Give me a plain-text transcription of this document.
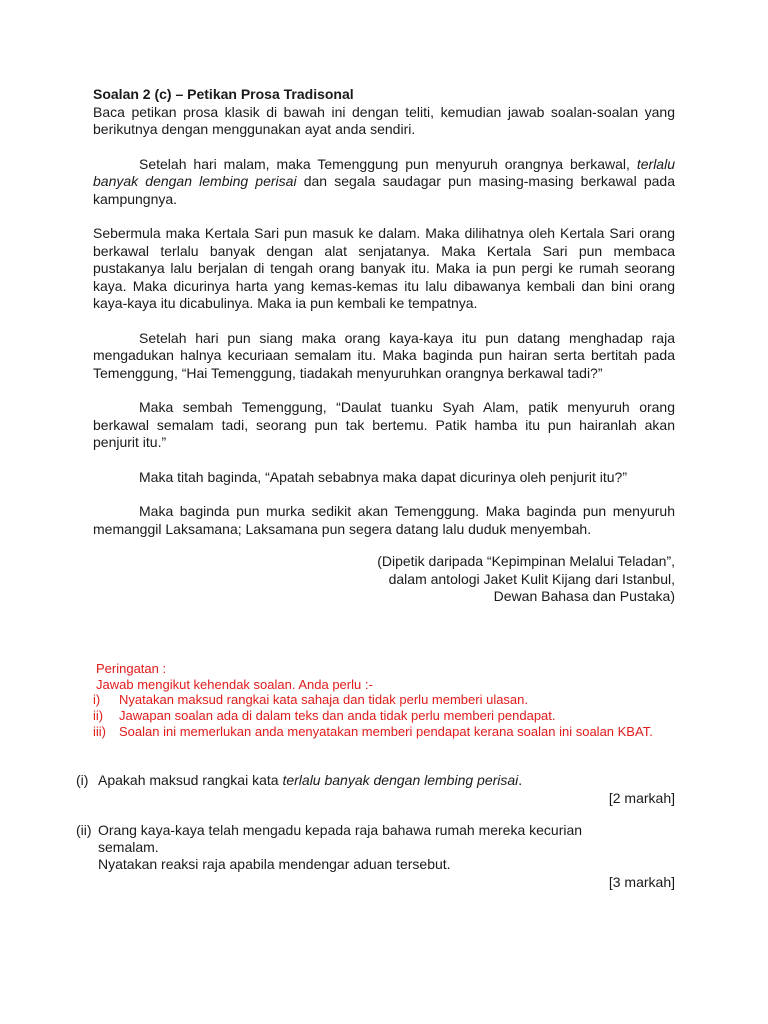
Soalan 2 (c) – Petikan Prosa Tradisonal

Baca petikan prosa klasik di bawah ini dengan teliti, kemudian jawab soalan-soalan yang berikutnya dengan menggunakan ayat anda sendiri.

Setelah hari malam, maka Temenggung pun menyuruh orangnya berkawal, terlalu banyak dengan lembing perisai dan segala saudagar pun masing-masing berkawal pada kampungnya.

Sebermula maka Kertala Sari pun masuk ke dalam. Maka dilihatnya oleh Kertala Sari orang berkawal terlalu banyak dengan alat senjatanya. Maka Kertala Sari pun membaca pustakanya lalu berjalan di tengah orang banyak itu. Maka ia pun pergi ke rumah seorang kaya. Maka dicurinya harta yang kemas-kemas itu lalu dibawanya kembali dan bini orang kaya-kaya itu dicabulinya. Maka ia pun kembali ke tempatnya.

Setelah hari pun siang maka orang kaya-kaya itu pun datang menghadap raja mengadukan halnya kecuriaan semalam itu. Maka baginda pun hairan serta bertitah pada Temenggung, “Hai Temenggung, tiadakah menyuruhkan orangnya berkawal tadi?”

Maka sembah Temenggung, “Daulat tuanku Syah Alam, patik menyuruh orang berkawal semalam tadi, seorang pun tak bertemu. Patik hamba itu pun hairanlah akan penjurit itu.”

Maka titah baginda, “Apatah sebabnya maka dapat dicurinya oleh penjurit itu?”

Maka baginda pun murka sedikit akan Temenggung. Maka baginda pun menyuruh memanggil Laksamana; Laksamana pun segera datang lalu duduk menyembah.

(Dipetik daripada “Kepimpinan Melalui Teladan”,

dalam antologi Jaket Kulit Kijang dari Istanbul,

Dewan Bahasa dan Pustaka)

Peringatan :
Jawab mengikut kehendak soalan. Anda perlu :-
i)	Nyatakan maksud rangkai kata sahaja dan tidak perlu memberi ulasan.
ii)	Jawapan soalan ada di dalam teks dan anda tidak perlu memberi pendapat.
iii)	Soalan ini memerlukan anda menyatakan memberi pendapat kerana soalan ini soalan KBAT.
(i) Apakah maksud rangkai kata terlalu banyak dengan lembing perisai.
[2 markah]
(ii) Orang kaya-kaya telah mengadu kepada raja bahawa rumah mereka kecurian semalam.
Nyatakan reaksi raja apabila mendengar aduan tersebut.
[3 markah]
